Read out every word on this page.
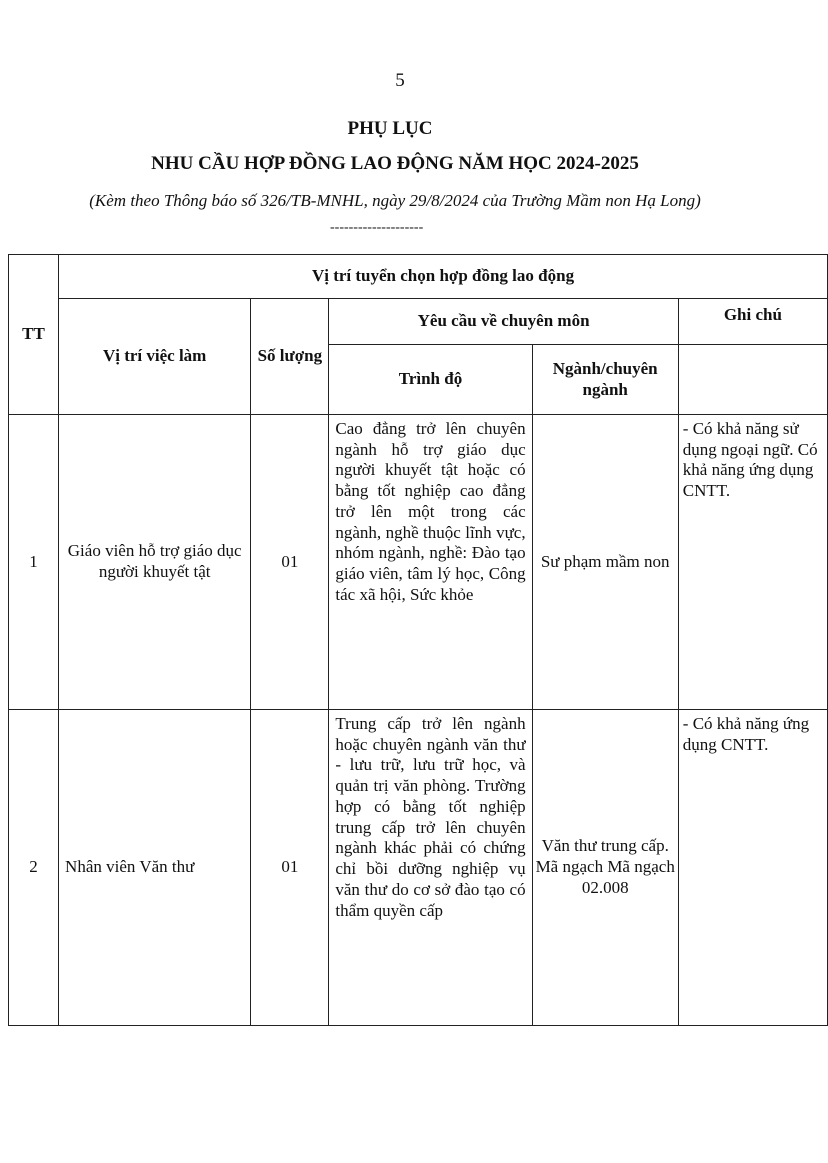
5
PHỤ LỤC
NHU CẦU HỢP ĐỒNG LAO ĐỘNG NĂM HỌC 2024-2025
(Kèm theo Thông báo số 326/TB-MNHL, ngày 29/8/2024 của Trường Mầm non Hạ Long)
--------------------
TT	Vị trí tuyển chọn hợp đồng lao động				
	Vị trí việc làm	Số lượng	Yêu cầu về chuyên môn		Ghi chú
			Trình độ	Ngành/chuyên ngành	
1	Giáo viên hỗ trợ giáo dục người khuyết tật	01	Cao đẳng trở lên chuyên ngành hỗ trợ giáo dục người khuyết tật hoặc có bằng tốt nghiệp cao đẳng trở lên một trong các ngành, nghề thuộc lĩnh vực, nhóm ngành, nghề: Đào tạo giáo viên, tâm lý học, Công tác xã hội, Sức khỏe	Sư phạm mầm non	- Có khả năng sử dụng ngoại ngữ. Có khả năng ứng dụng CNTT.
2	Nhân viên Văn thư	01	Trung cấp trở lên ngành hoặc chuyên ngành văn thư - lưu trữ, lưu trữ học, và quản trị văn phòng. Trường hợp có bằng tốt nghiệp trung cấp trở lên chuyên ngành khác phải có chứng chỉ bồi dưỡng nghiệp vụ văn thư do cơ sở đào tạo có thẩm quyền cấp	Văn thư trung cấp. Mã ngạch Mã ngạch 02.008	- Có khả năng ứng dụng CNTT.
